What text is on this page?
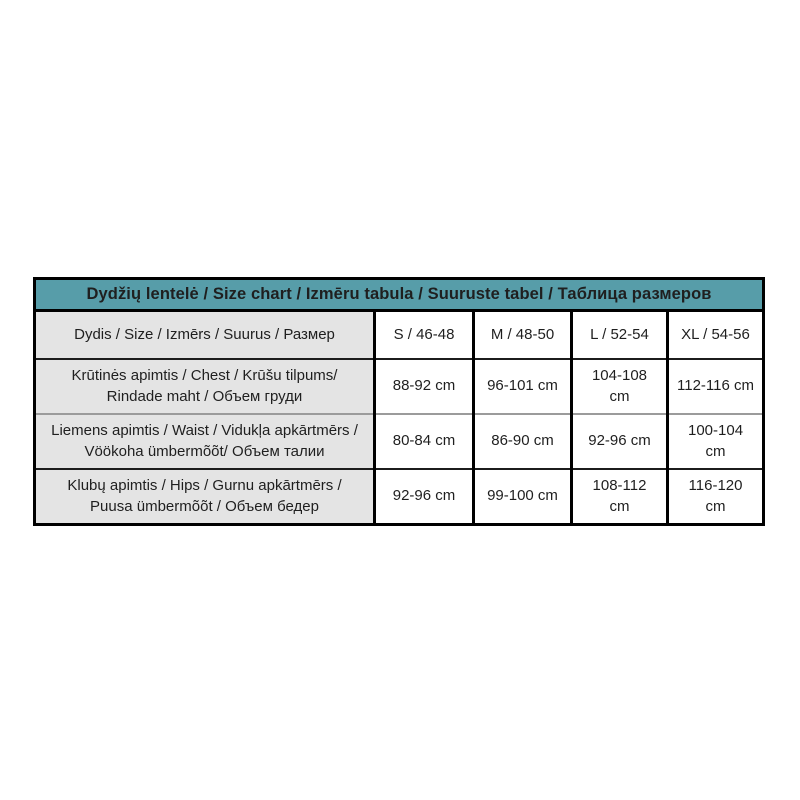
Dydžių lentelė / Size chart / Izmēru tabula / Suuruste tabel / Таблица размеров				
Dydis / Size / Izmērs / Suurus / Размер	S / 46-48	M / 48-50	L / 52-54	XL / 54-56
Krūtinės apimtis / Chest / Krūšu tilpums/ Rindade maht / Объем груди	88-92 cm	96-101 cm	104-108 cm	112-116 cm
Liemens apimtis / Waist / Vidukļa apkārtmērs / Vöökoha ümbermõõt/ Объем талии	80-84 cm	86-90 cm	92-96 cm	100-104 cm
Klubų apimtis / Hips / Gurnu apkārtmērs / Puusa ümbermõõt / Объем бедер	92-96 cm	99-100 cm	108-112 cm	116-120 cm
